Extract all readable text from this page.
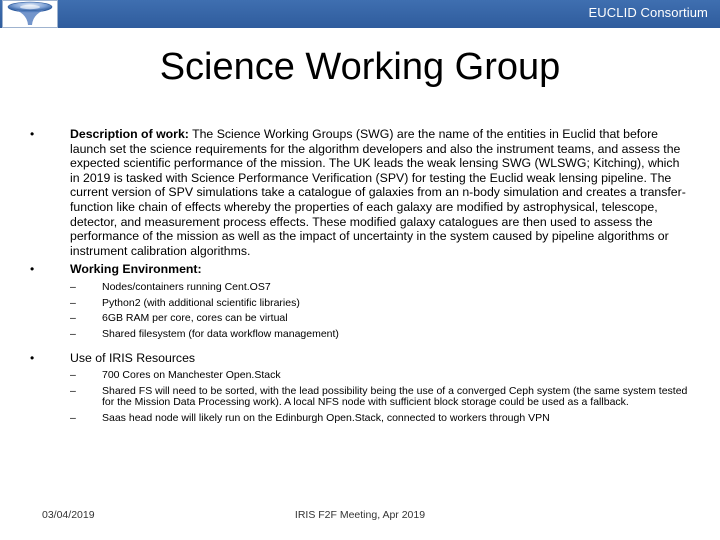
EUCLID Consortium
Science Working Group
•	Description of work: The Science Working Groups (SWG) are the name of the entities in Euclid that before launch set the science requirements for the algorithm developers and also the instrument teams, and assess the expected scientific performance of the mission. The UK leads the weak lensing SWG (WLSWG; Kitching), which in 2019 is tasked with Science Performance Verification (SPV) for testing the Euclid weak lensing pipeline. The current version of SPV simulations take a catalogue of galaxies from an n-body simulation and creates a transfer-function like chain of effects whereby the properties of each galaxy are modified by astrophysical, telescope, detector, and measurement process effects. These modified galaxy catalogues are then used to assess the performance of the mission as well as the impact of uncertainty in the system caused by pipeline algorithms or instrument calibration algorithms.

•	Working Environment:

– Nodes/containers running Cent.OS7
– Python2 (with additional scientific libraries)
– 6GB RAM per core, cores can be virtual
– Shared filesystem (for data workflow management)
•	Use of IRIS Resources

– 700 Cores on Manchester Open.Stack
– Shared FS will need to be sorted, with the lead possibility being the use of a converged Ceph system (the same system tested for the Mission Data Processing work). A local NFS node with sufficient block storage could be used as a fallback.
– Saas head node will likely run on the Edinburgh Open.Stack, connected to workers through VPN
03/04/2019	IRIS F2F Meeting, Apr 2019
